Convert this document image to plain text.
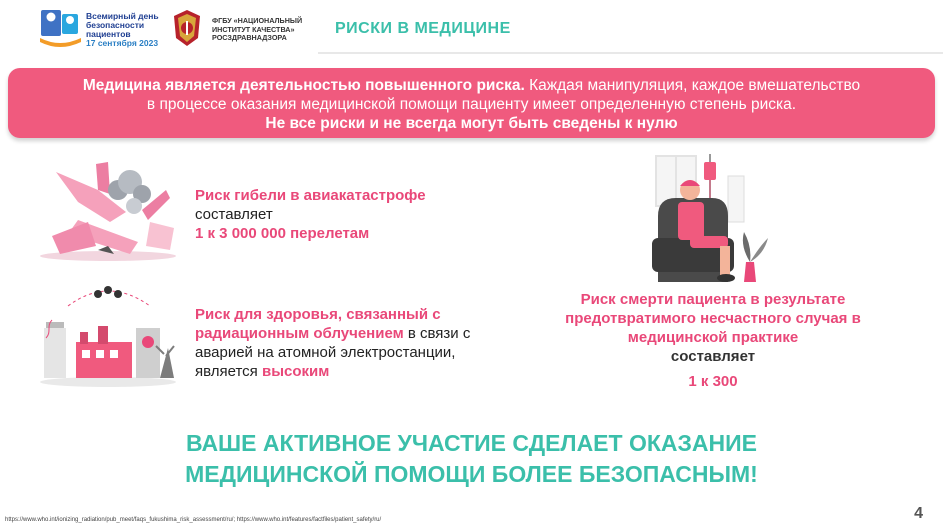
Всемирный день
безопасности
пациентов
17 сентября 2023
ФГБУ «НАЦИОНАЛЬНЫЙ
ИНСТИТУТ КАЧЕСТВА»
РОСЗДРАВНАДЗОРА
РИСКИ В МЕДИЦИНЕ
Медицина является деятельностью повышенного риска. Каждая манипуляция, каждое вмешательство
в процессе оказания медицинской помощи пациенту имеет определенную степень риска.
Не все риски и не всегда могут быть сведены к нулю
Риск гибели в авиакатастрофе
составляет
1 к 3 000 000 перелетам
Риск для здоровья, связанный с радиационным облучением в связи с аварией на атомной электростанции, является высоким
Риск смерти пациента в результате предотвратимого несчастного случая в медицинской практике
составляет
1 к 300
ВАШЕ АКТИВНОЕ УЧАСТИЕ СДЕЛАЕТ ОКАЗАНИЕ
МЕДИЦИНСКОЙ ПОМОЩИ БОЛЕЕ БЕЗОПАСНЫМ!
4
https://www.who.int/ionizing_radiation/pub_meet/faqs_fukushima_risk_assessment/ru/; https://www.who.int/features/factfiles/patient_safety/ru/
